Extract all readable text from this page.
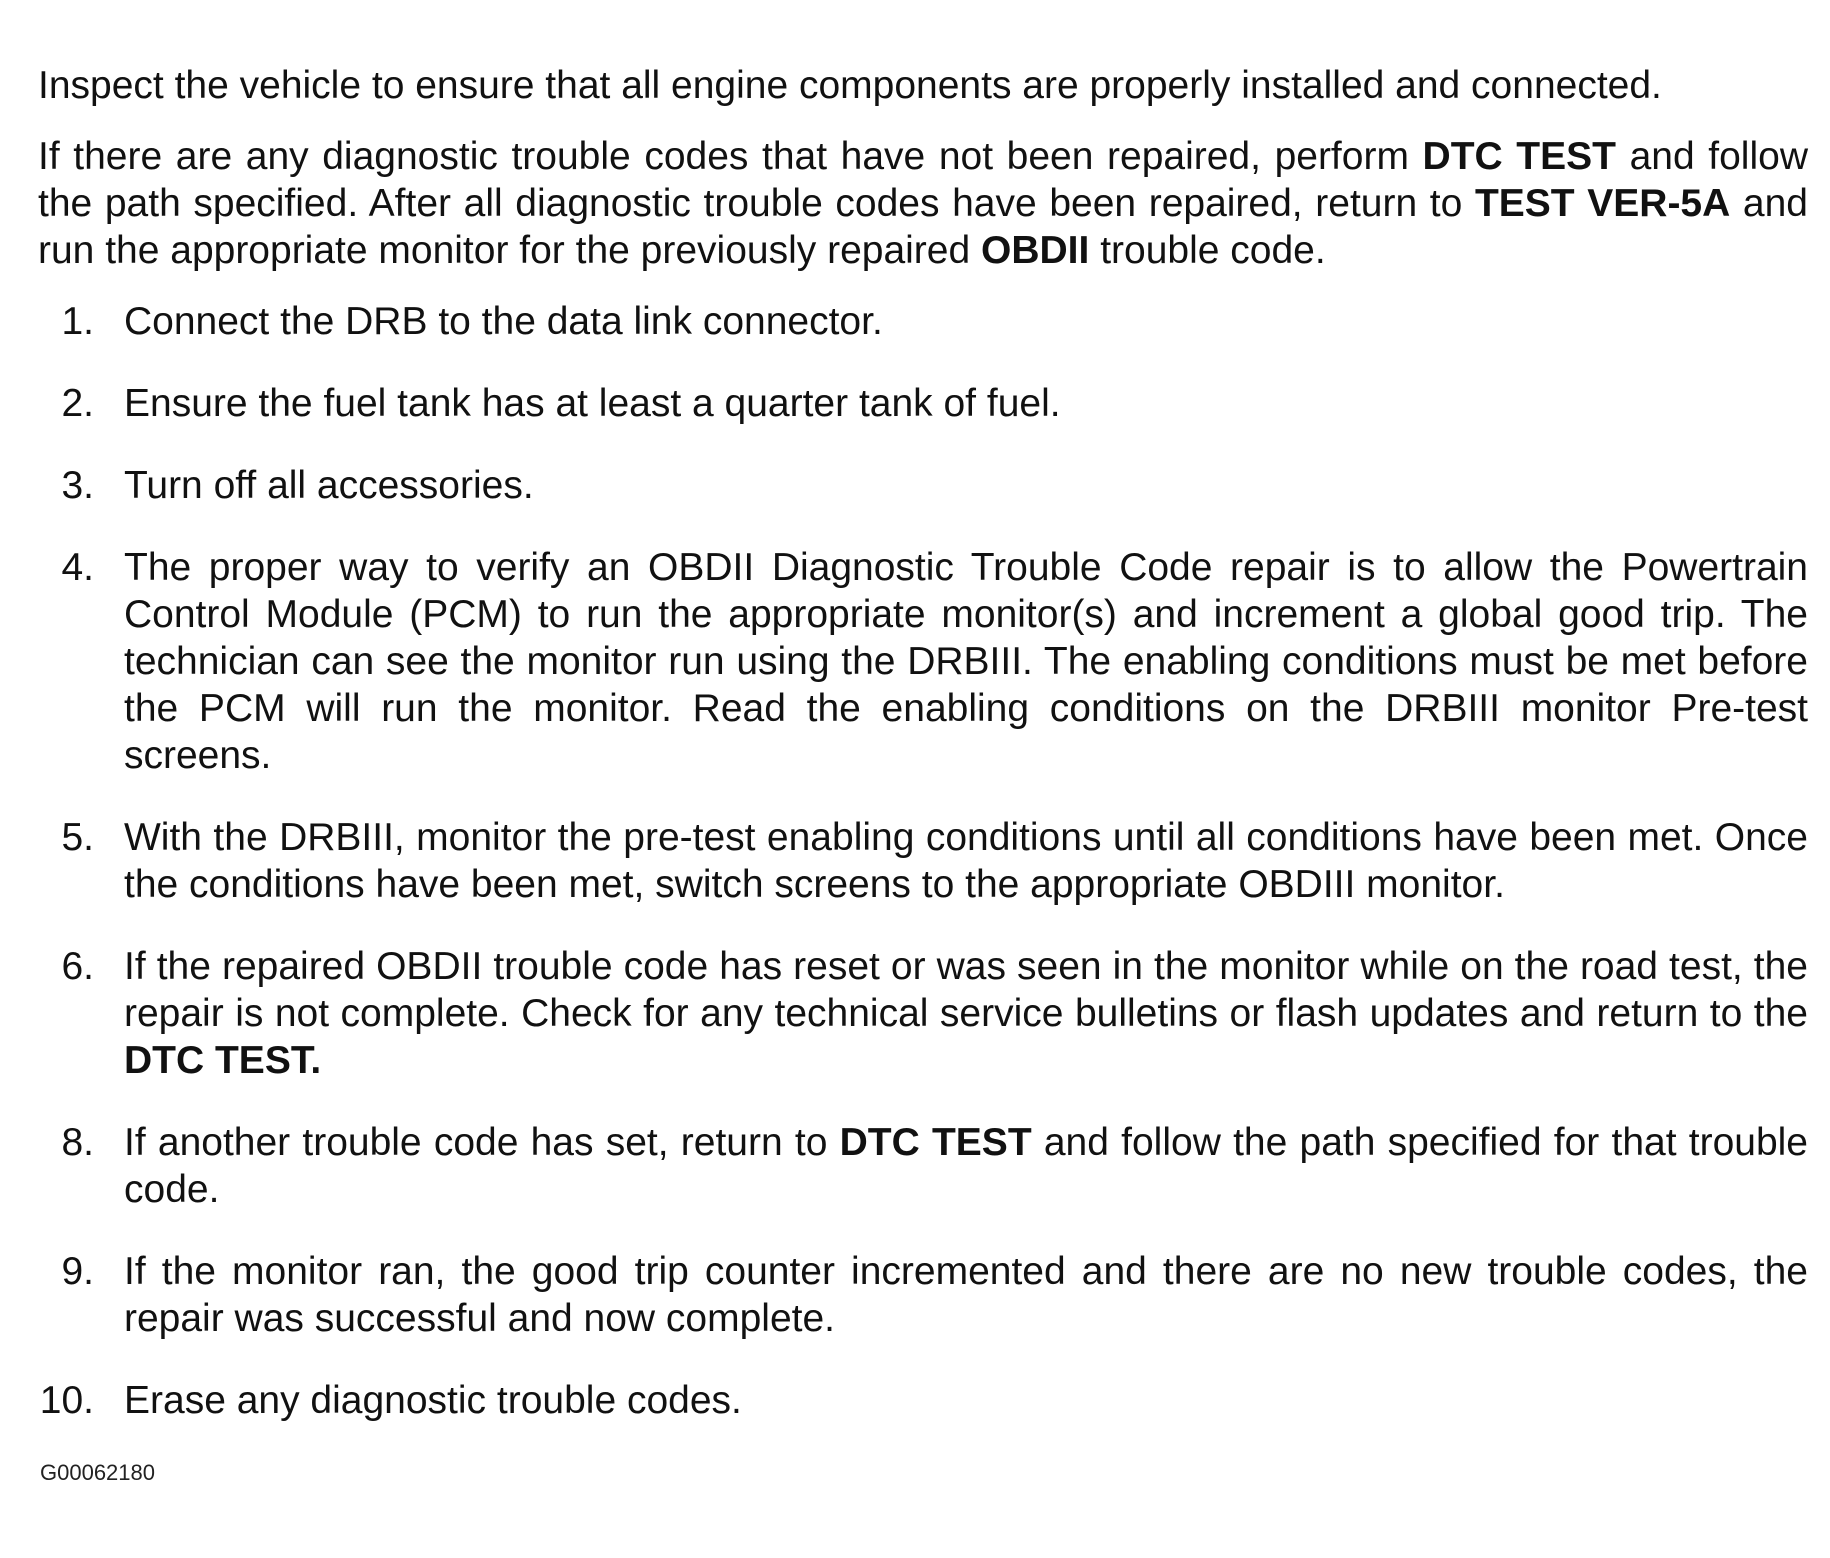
Inspect the vehicle to ensure that all engine components are properly installed and connected.

If there are any diagnostic trouble codes that have not been repaired, perform DTC TEST and follow the path specified. After all diagnostic trouble codes have been repaired, return to TEST VER-5A and run the appropriate monitor for the previously repaired OBDII trouble code.

1. Connect the DRB to the data link connector.
2. Ensure the fuel tank has at least a quarter tank of fuel.
3. Turn off all accessories.
4. The proper way to verify an OBDII Diagnostic Trouble Code repair is to allow the Powertrain Control Module (PCM) to run the appropriate monitor(s) and increment a global good trip. The technician can see the monitor run using the DRBIII. The enabling conditions must be met before the PCM will run the monitor. Read the enabling conditions on the DRBIII monitor Pre-test screens.
5. With the DRBIII, monitor the pre-test enabling conditions until all conditions have been met. Once the conditions have been met, switch screens to the appropriate OBDIII monitor.
6. If the repaired OBDII trouble code has reset or was seen in the monitor while on the road test, the repair is not complete. Check for any technical service bulletins or flash updates and return to the DTC TEST.
8. If another trouble code has set, return to DTC TEST and follow the path specified for that trouble code.
9. If the monitor ran, the good trip counter incremented and there are no new trouble codes, the repair was successful and now complete.
10. Erase any diagnostic trouble codes.
G00062180
